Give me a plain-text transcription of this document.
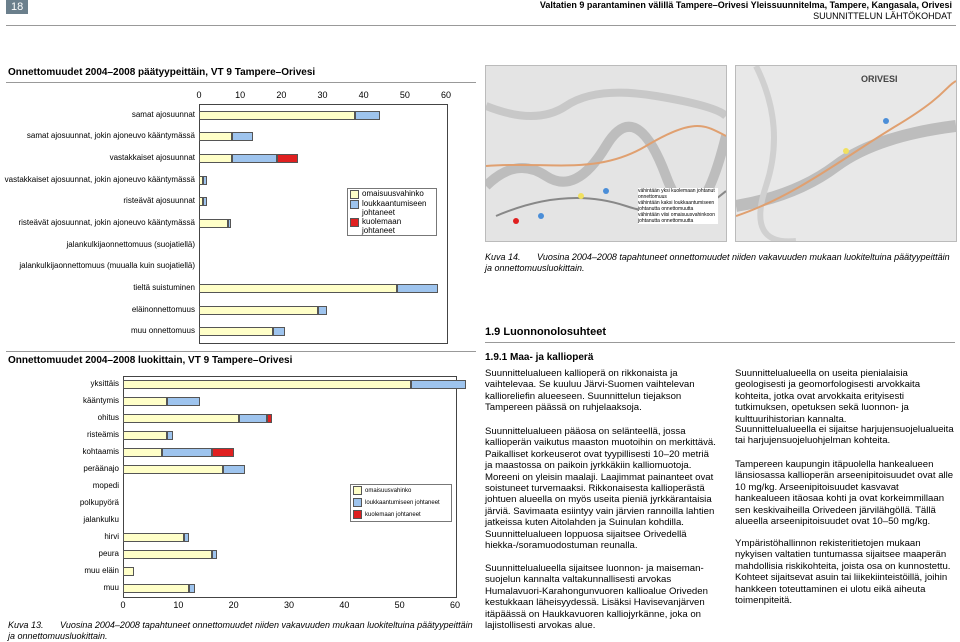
18	Valtatien 9 parantaminen välillä Tampere–Orivesi Yleissuunnitelma, Tampere, Kangasala, Orivesi
SUUNNITTELUN LÄHTÖKOHDAT
Onnettomuudet 2004–2008 päätyypeittäin, VT 9 Tampere–Orivesi
0	10	20	30	40	50	60
samat ajosuunnat
samat ajosuunnat, jokin ajoneuvo kääntymässä
vastakkaiset ajosuunnat
vastakkaiset ajosuunnat, jokin ajoneuvo kääntymässä
risteävät ajosuunnat
risteävät ajosuunnat, jokin ajoneuvo kääntymässä
jalankulkijaonnettomuus (suojatiellä)
jalankulkijaonnettomuus (muualla kuin suojatiellä)
tieltä suistuminen
eläinonnettomuus
muu onnettomuus
omaisuusvahinko
loukkaantumiseen johtaneet
kuolemaan johtaneet
Onnettomuudet 2004–2008 luokittain, VT 9 Tampere–Orivesi
0	10	20	30	40	50	60
yksittäis
kääntymis
ohitus
risteämis
kohtaamis
peräänajo
mopedi
polkupyörä
jalankulku
hirvi
peura
muu eläin
muu
omaisuusvahinko
loukkaantumiseen johtaneet
kuolemaan johtaneet
Kuva 13. Vuosina 2004–2008 tapahtuneet onnettomuudet niiden vakavuuden mukaan luokiteltuina päätyypeittäin ja onnettomuusluokittain.
vähintään yksi kuolemaan johtanut onnettomuus
vähintään kaksi loukkaantumiseen johtanutta onnettomuutta
vähintään viisi omaisuusvahinkoon johtanutta onnettomuutta
ORIVESI
Kuva 14. Vuosina 2004–2008 tapahtuneet onnettomuudet niiden vakavuuden mukaan luokiteltuina päätyypeittäin ja onnettomuusluokittain.
1.9 Luonnonolosuhteet
1.9.1 Maa- ja kallioperä
Suunnittelualueen kallioperä on rikkonaista ja vaihtelevaa. Se kuuluu Järvi-Suomen vaihtelevan kallioreliefin alueeseen. Suunnittelun tiejakson Tampereen päässä on ruhjelaaksoja.
Suunnittelualueen pääosa on selänteellä, jossa kallioperän vaikutus maaston muotoihin on merkittävä. Paikalliset korkeuserot ovat tyypillisesti 10–20 metriä ja maastossa on paikoin jyrkkäkiin kalliomuotoja. Moreeni on yleisin maalaji. Laajimmat painanteet ovat soistuneet turvemaaksi. Rikkonaisesta kallioperästä johtuen alueella on myös useita pieniä jyrkkärantaisia järviä. Savimaata esiintyy vain järvien rannoilla lahtien jatkeissa kuten Aitolahden ja Suinulan kohdilla. Suunnittelualueen loppuosa sijaitsee Orivedellä hiekka-/soramuodostuman reunalla.
Suunnittelualueella sijaitsee luonnon- ja maiseman-suojelun kannalta valtakunnallisesti arvokas Humalavuori-Karahongunvuoren kallioalue Oriveden kestukkaan läheisyydessä. Lisäksi Havisevanjärven itäpäässä on Haukkavuoren kalliojyrkänne, joka on lajistollisesti arvokas alue.
Suunnittelualueella on useita pienialaisia geologisesti ja geomorfologisesti arvokkaita kohteita, jotka ovat arvokkaita erityisesti tutkimuksen, opetuksen sekä luonnon- ja kulttuurihistorian kannalta.
Suunnittelualueella ei sijaitse harjujensuojelualueita tai harjujensuojeluohjelman kohteita.
Tampereen kaupungin itäpuolella hankealueen länsiosassa kallioperän arseenipitoisuudet ovat alle 10 mg/kg. Arseenipitoisuudet kasvavat hankealueen itäosaa kohti ja ovat korkeimmillaan sen keskivaiheilla Orivedeen järvilähgöllä. Tällä alueella arseenipitoisuudet ovat 10–50 mg/kg.
Ympäristöhallinnon rekisteritietojen mukaan nykyisen valtatien tuntumassa sijaitsee maaperän mahdollisia riskikohteita, joista osa on kunnostettu. Kohteet sijaitsevat asuin tai liikekiinteistöillä, joihin hankkeen toteuttaminen ei ulotu eikä aiheuta toimenpiteitä.
